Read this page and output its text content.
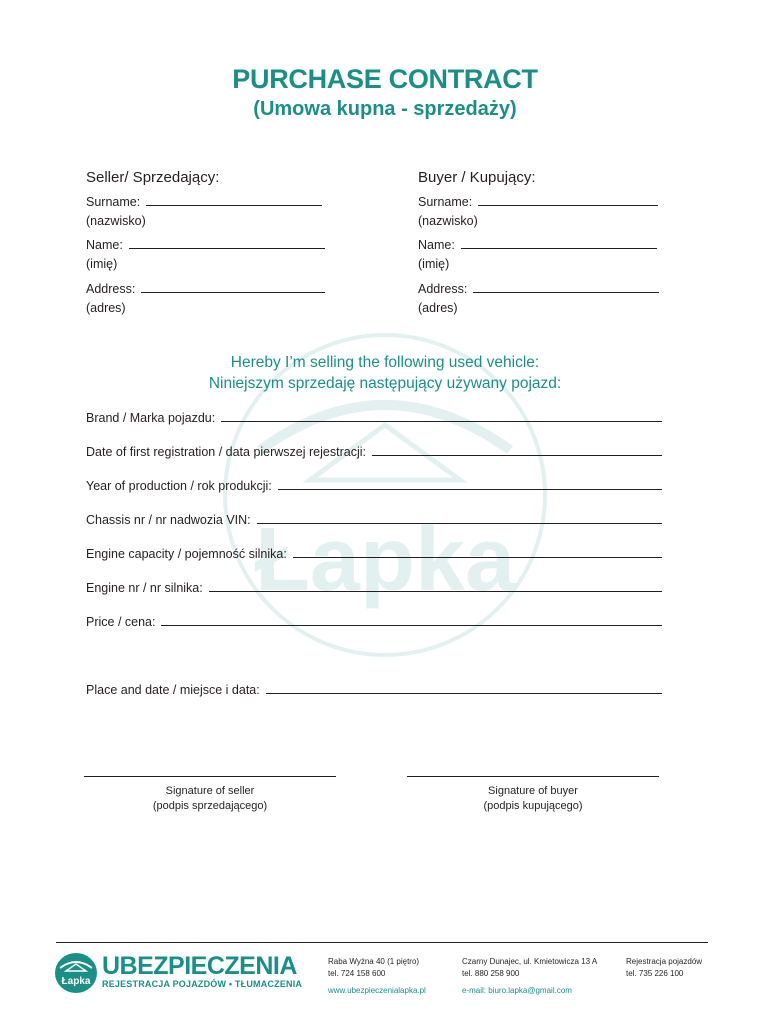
Łapka
PURCHASE CONTRACT
(Umowa kupna - sprzedaży)
Seller/ Sprzedający:
Surname:
(nazwisko)
Name:
(imię)
Address:
(adres)
Buyer / Kupujący:
Surname:
(nazwisko)
Name:
(imię)
Address:
(adres)
Hereby I’m selling the following used vehicle:
Niniejszym sprzedaję następujący używany pojazd:
Brand / Marka pojazdu:
Date of first registration / data pierwszej rejestracji:
Year of production / rok produkcji:
Chassis nr / nr nadwozia VIN:
Engine capacity / pojemność silnika:
Engine nr / nr silnika:
Price / cena:
Place and date / miejsce i data:
Signature of seller
(podpis sprzedającego)
Signature of buyer
(podpis kupującego)
Łapka
UBEZPIECZENIA
REJESTRACJA POJAZDÓW • TŁUMACZENIA
Raba Wyżna 40 (1 piętro)
tel. 724 158 600
www.ubezpieczenialapka.pl
Czarny Dunajec, ul. Kmietowicza 13 A
tel. 880 258 900
e-mail: biuro.lapka@gmail.com
Rejestracja pojazdów
tel. 735 226 100
